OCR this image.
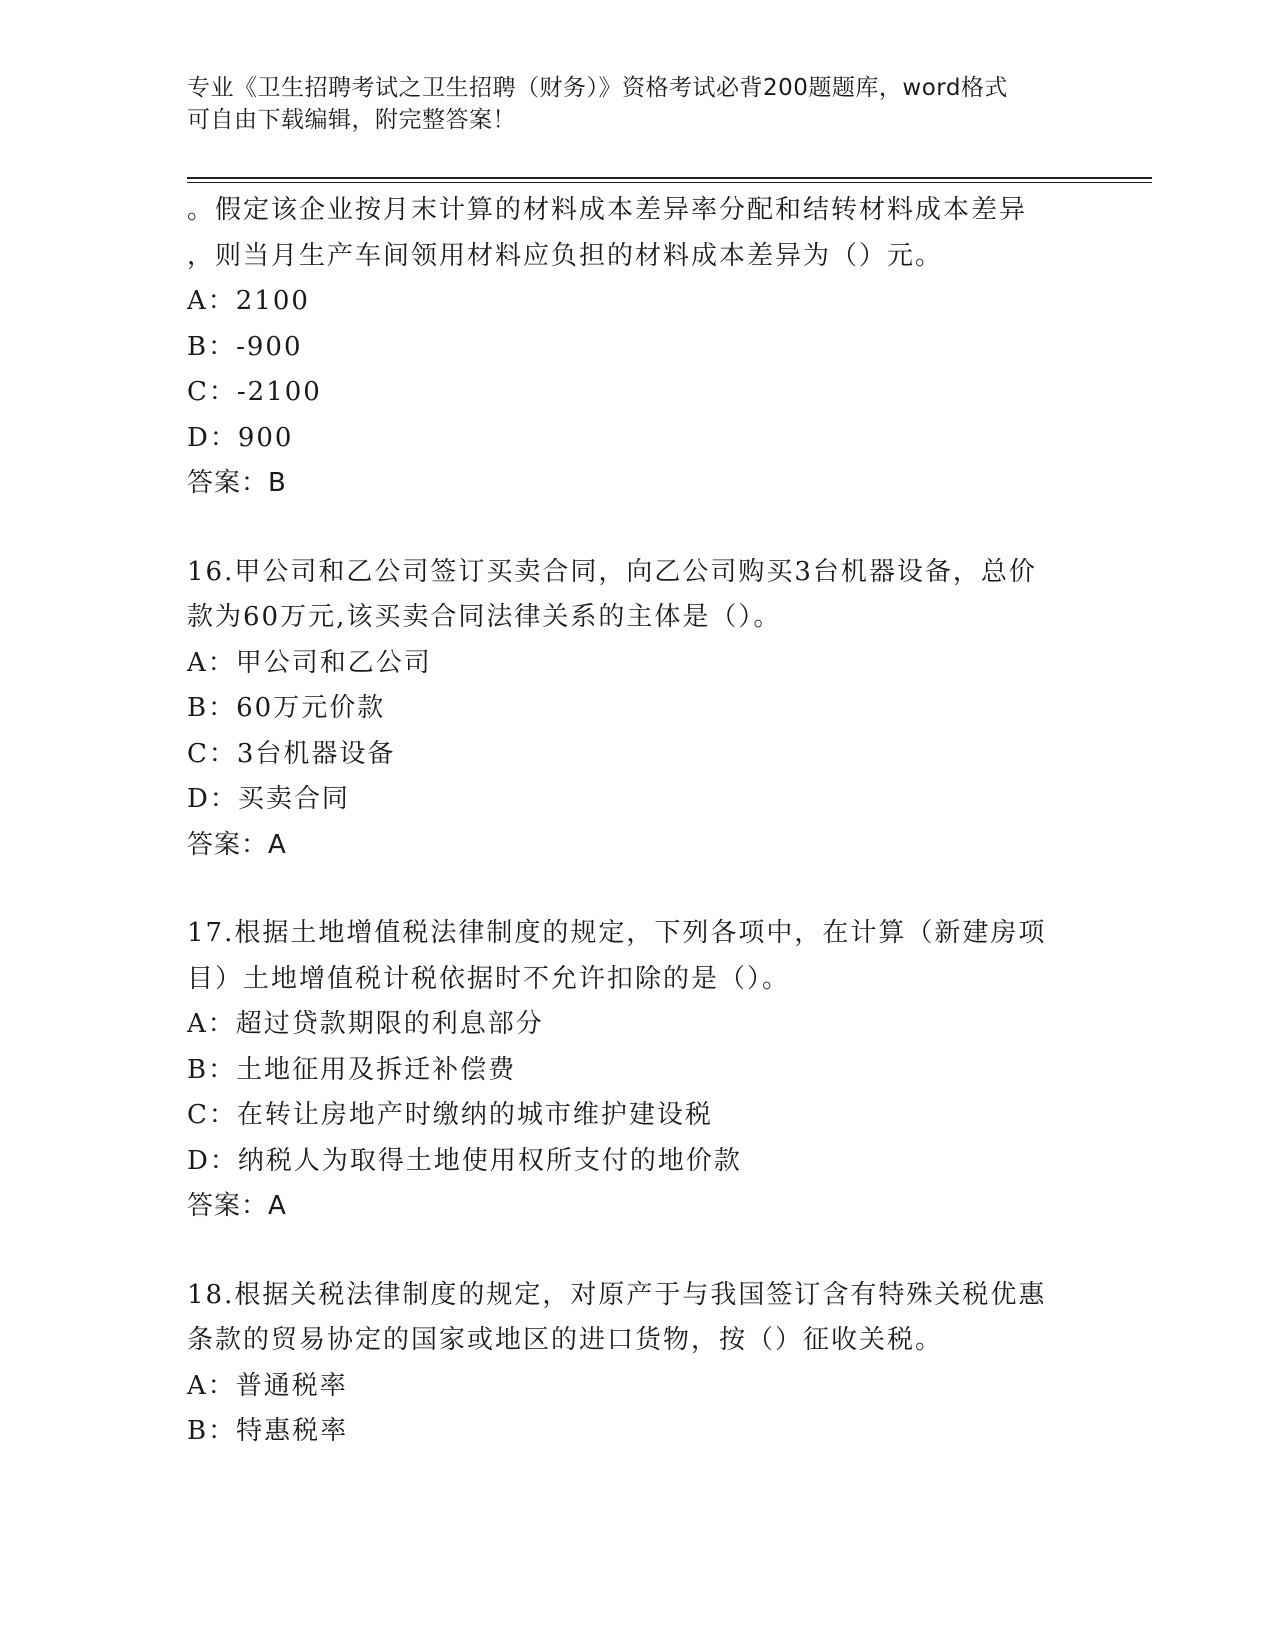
专业《卫生招聘考试之卫生招聘（财务）》资格考试必背200题题库，word格式
可自由下载编辑，附完整答案！
。假定该企业按月末计算的材料成本差异率分配和结转材料成本差异
，则当月生产车间领用材料应负担的材料成本差异为（）元。
A：2100
B：-900
C：-2100
D：900
答案：B
16.甲公司和乙公司签订买卖合同，向乙公司购买3台机器设备，总价
款为60万元,该买卖合同法律关系的主体是（）。
A：甲公司和乙公司
B：60万元价款
C：3台机器设备
D：买卖合同
答案：A
17.根据土地增值税法律制度的规定，下列各项中，在计算（新建房项
目）土地增值税计税依据时不允许扣除的是（）。
A：超过贷款期限的利息部分
B：土地征用及拆迁补偿费
C：在转让房地产时缴纳的城市维护建设税
D：纳税人为取得土地使用权所支付的地价款
答案：A
18.根据关税法律制度的规定，对原产于与我国签订含有特殊关税优惠
条款的贸易协定的国家或地区的进口货物，按（）征收关税。
A：普通税率
B：特惠税率
